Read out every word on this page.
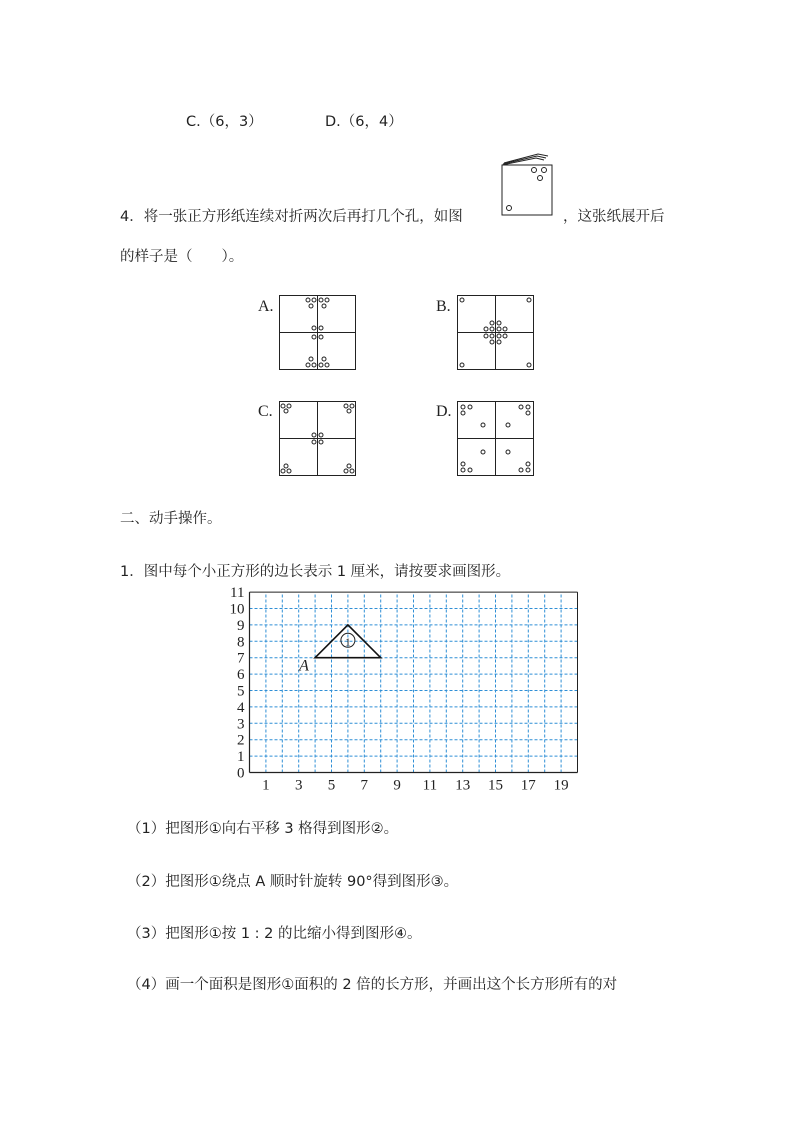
C.（6，3）	D.（6，4）
4．将一张正方形纸连续对折两次后再打几个孔，如图	，这张纸展开后
的样子是（　　）。
A.	B.
C.	D.
二、动手操作。
1．图中每个小正方形的边长表示 1 厘米，请按要求画图形。
0
1
2
3
4
5
6
7
8
9
10
11
1 3 5 7 9 11 13 15 17 19
1
A
（1）把图形①向右平移 3 格得到图形②。
（2）把图形①绕点 A 顺时针旋转 90°得到图形③。
（3）把图形①按 1 : 2 的比缩小得到图形④。
（4）画一个面积是图形①面积的 2 倍的长方形，并画出这个长方形所有的对
